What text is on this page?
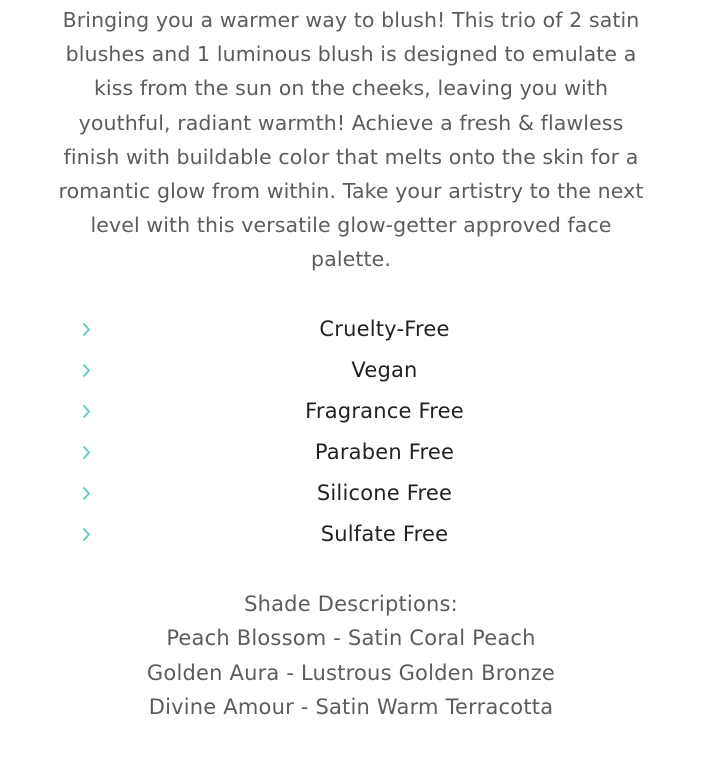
Bringing you a warmer way to blush! This trio of 2 satin blushes and 1 luminous blush is designed to emulate a kiss from the sun on the cheeks, leaving you with youthful, radiant warmth! Achieve a fresh & flawless finish with buildable color that melts onto the skin for a romantic glow from within. Take your artistry to the next level with this versatile glow-getter approved face palette.

Cruelty-Free
Vegan
Fragrance Free
Paraben Free
Silicone Free
Sulfate Free
Shade Descriptions:
Peach Blossom - Satin Coral Peach
Golden Aura - Lustrous Golden Bronze
Divine Amour - Satin Warm Terracotta
